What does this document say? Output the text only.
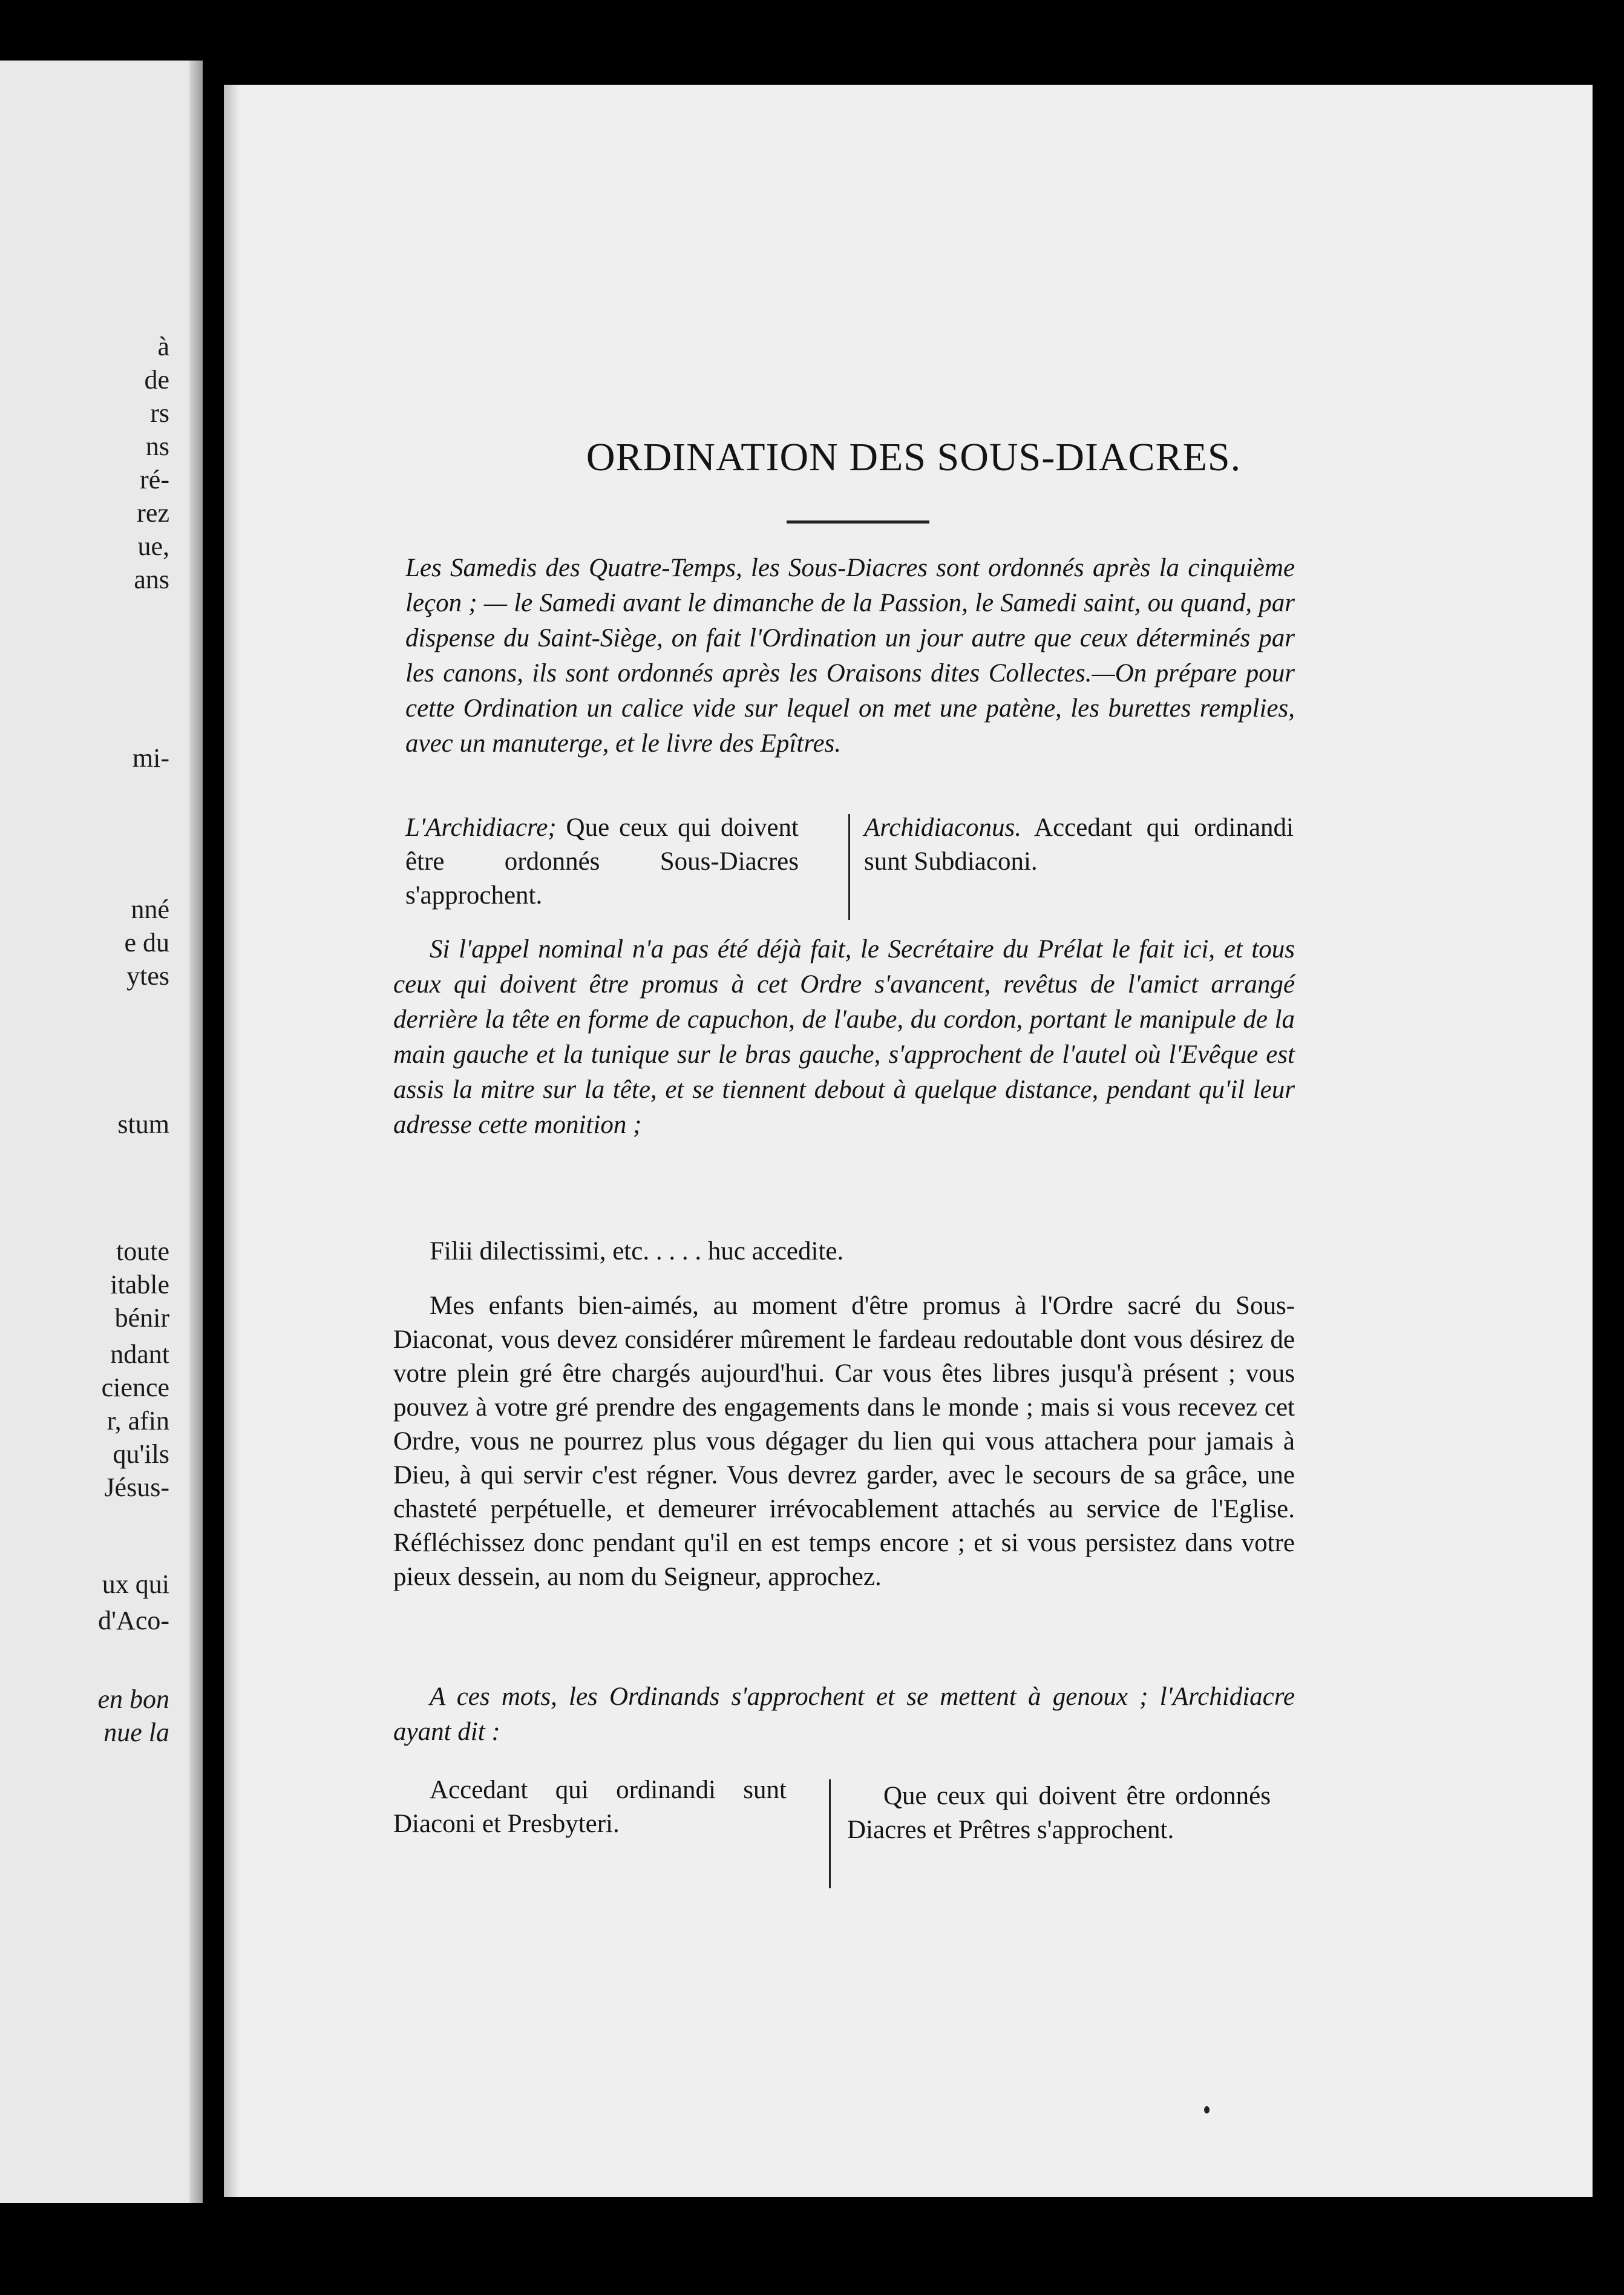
à
de
rs
ns
ré-
rez
ue,
ans
mi-
nné
e du
ytes
stum
toute
itable
bénir
ndant
cience
r, afin
qu'ils
Jésus-
ux qui
d'Aco-
en bon
nue la
ORDINATION DES SOUS-DIACRES.
Les Samedis des Quatre-Temps, les Sous-Diacres sont ordonnés après la cinquième leçon ; — le Samedi avant le dimanche de la Passion, le Samedi saint, ou quand, par dispense du Saint-Siège, on fait l'Ordination un jour autre que ceux déterminés par les canons, ils sont ordonnés après les Oraisons dites Collectes.—On prépare pour cette Ordination un calice vide sur lequel on met une patène, les burettes remplies, avec un manuterge, et le livre des Epîtres.
L'Archidiacre; Que ceux qui doivent être ordonnés Sous-Diacres s'approchent.
Archidiaconus. Accedant qui ordinandi sunt Subdiaconi.
Si l'appel nominal n'a pas été déjà fait, le Secrétaire du Prélat le fait ici, et tous ceux qui doivent être promus à cet Ordre s'avancent, revêtus de l'amict arrangé derrière la tête en forme de capuchon, de l'aube, du cordon, portant le manipule de la main gauche et la tunique sur le bras gauche, s'approchent de l'autel où l'Evêque est assis la mitre sur la tête, et se tiennent debout à quelque distance, pendant qu'il leur adresse cette monition ;
Filii dilectissimi, etc. . . . . huc accedite.
Mes enfants bien-aimés, au moment d'être promus à l'Ordre sacré du Sous-Diaconat, vous devez considérer mûrement le fardeau redoutable dont vous désirez de votre plein gré être chargés aujourd'hui. Car vous êtes libres jusqu'à présent ; vous pouvez à votre gré prendre des engagements dans le monde ; mais si vous recevez cet Ordre, vous ne pourrez plus vous dégager du lien qui vous attachera pour jamais à Dieu, à qui servir c'est régner. Vous devrez garder, avec le secours de sa grâce, une chasteté perpétuelle, et demeurer irrévocablement attachés au service de l'Eglise. Réfléchissez donc pendant qu'il en est temps encore ; et si vous persistez dans votre pieux dessein, au nom du Seigneur, approchez.
A ces mots, les Ordinands s'approchent et se mettent à genoux ; l'Archidiacre ayant dit :
Accedant qui ordinandi sunt Diaconi et Presbyteri.
Que ceux qui doivent être ordonnés Diacres et Prêtres s'approchent.
